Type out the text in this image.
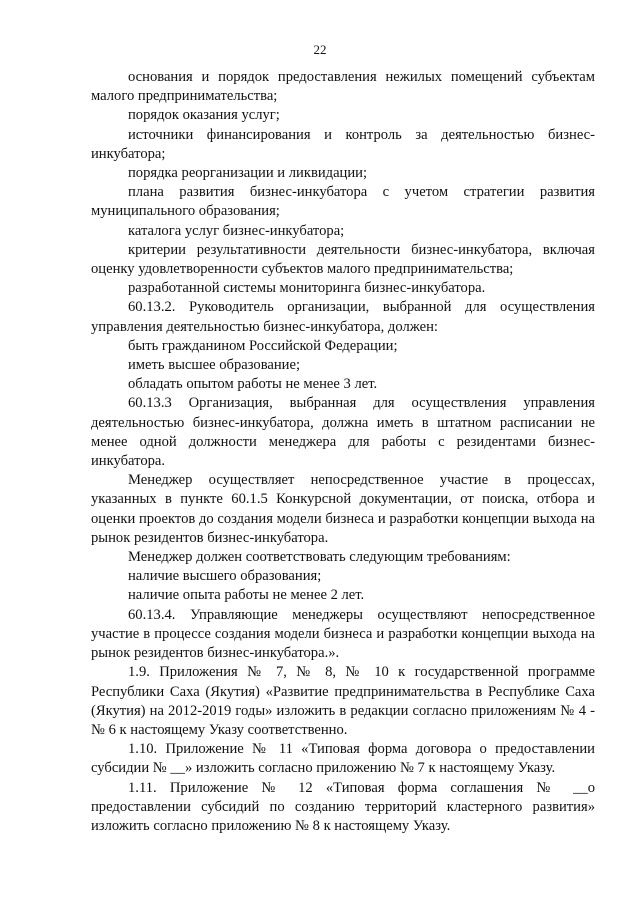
22

основания и порядок предоставления нежилых помещений субъектам малого предпринимательства;

порядок оказания услуг;

источники финансирования и контроль за деятельностью бизнес-инкубатора;

порядка реорганизации и ликвидации;

плана развития бизнес-инкубатора с учетом стратегии развития муниципального образования;

каталога услуг бизнес-инкубатора;

критерии результативности деятельности бизнес-инкубатора, включая оценку удовлетворенности субъектов малого предпринимательства;

разработанной системы мониторинга бизнес-инкубатора.

60.13.2. Руководитель организации, выбранной для осуществления управления деятельностью бизнес-инкубатора, должен:

быть гражданином Российской Федерации;

иметь высшее образование;

обладать опытом работы не менее 3 лет.

60.13.3 Организация, выбранная для осуществления управления деятельностью бизнес-инкубатора, должна иметь в штатном расписании не менее одной должности менеджера для работы с резидентами бизнес-инкубатора.

Менеджер осуществляет непосредственное участие в процессах, указанных в пункте 60.1.5 Конкурсной документации, от поиска, отбора и оценки проектов до создания модели бизнеса и разработки концепции выхода на рынок резидентов бизнес-инкубатора.

Менеджер должен соответствовать следующим требованиям:

наличие высшего образования;

наличие опыта работы не менее 2 лет.

60.13.4. Управляющие менеджеры осуществляют непосредственное участие в процессе создания модели бизнеса и разработки концепции выхода на рынок резидентов бизнес-инкубатора.».

1.9. Приложения № 7, № 8, № 10 к государственной программе Республики Саха (Якутия) «Развитие предпринимательства в Республике Саха (Якутия) на 2012-2019 годы» изложить в редакции согласно приложениям № 4 - № 6 к настоящему Указу соответственно.

1.10. Приложение № 11 «Типовая форма договора о предоставлении субсидии № __» изложить согласно приложению № 7 к настоящему Указу.

1.11. Приложение № 12 «Типовая форма соглашения № __о предоставлении субсидий по созданию территорий кластерного развития» изложить согласно приложению № 8 к настоящему Указу.
